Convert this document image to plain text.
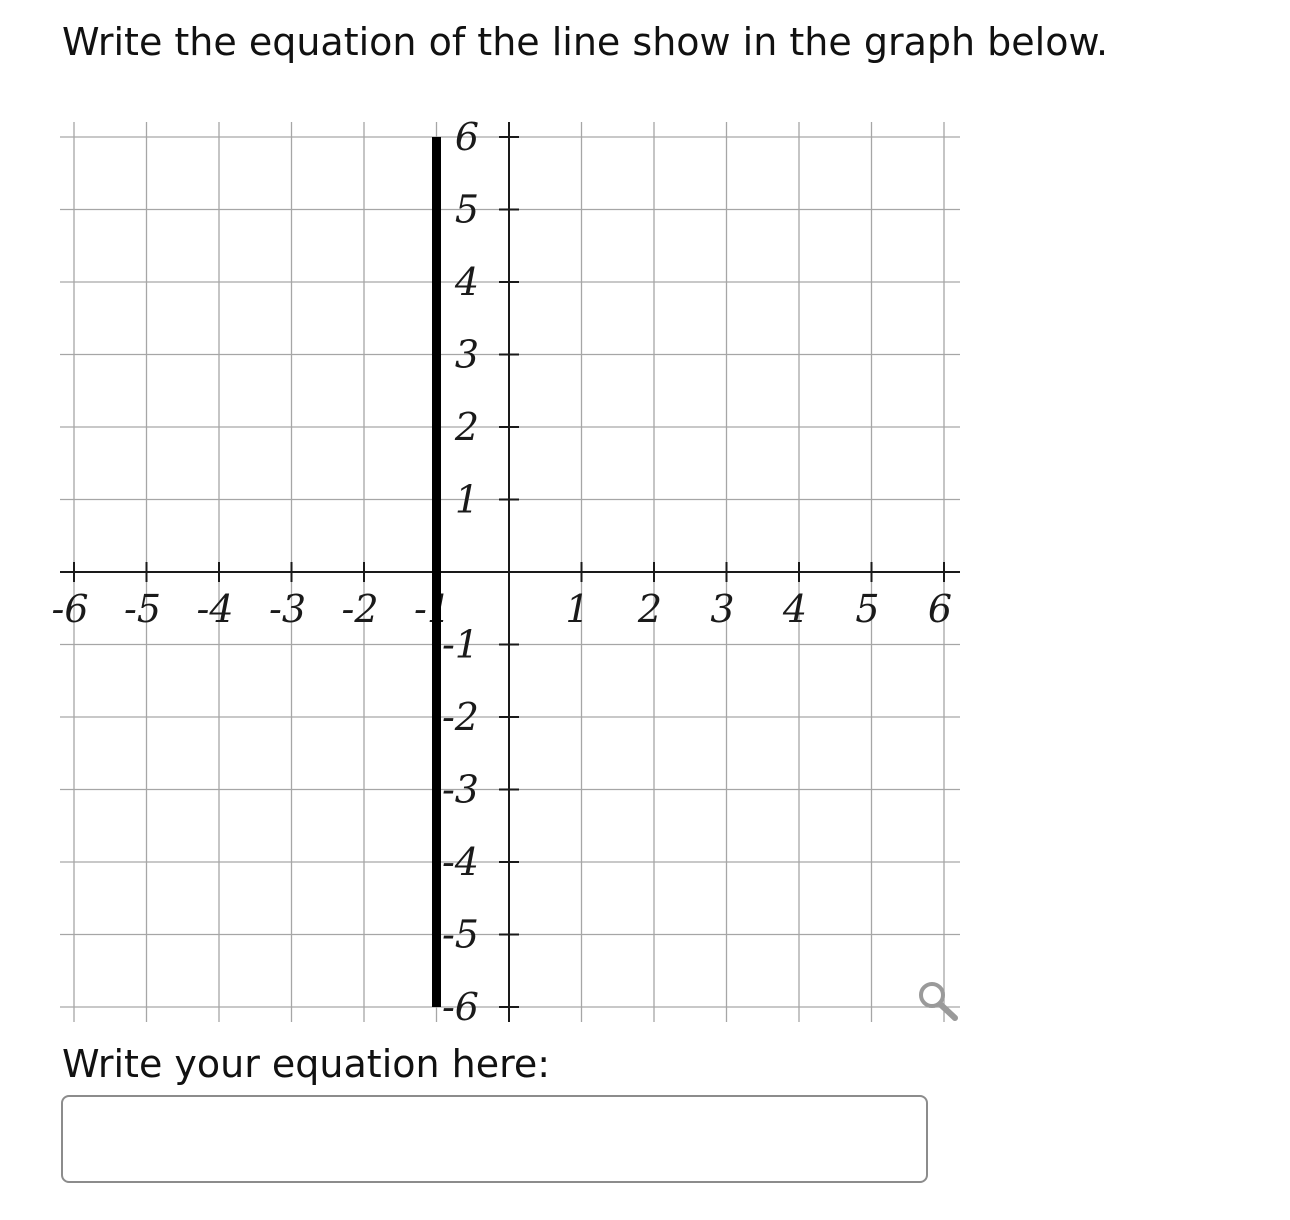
Write the equation of the line show in the graph below.
-6 -5 -4 -3 -2 -1	1 2 3 4 5 6
6
5
4
3
2
1
-1
-2
-3
-4
-5
-6

Write your equation here:
